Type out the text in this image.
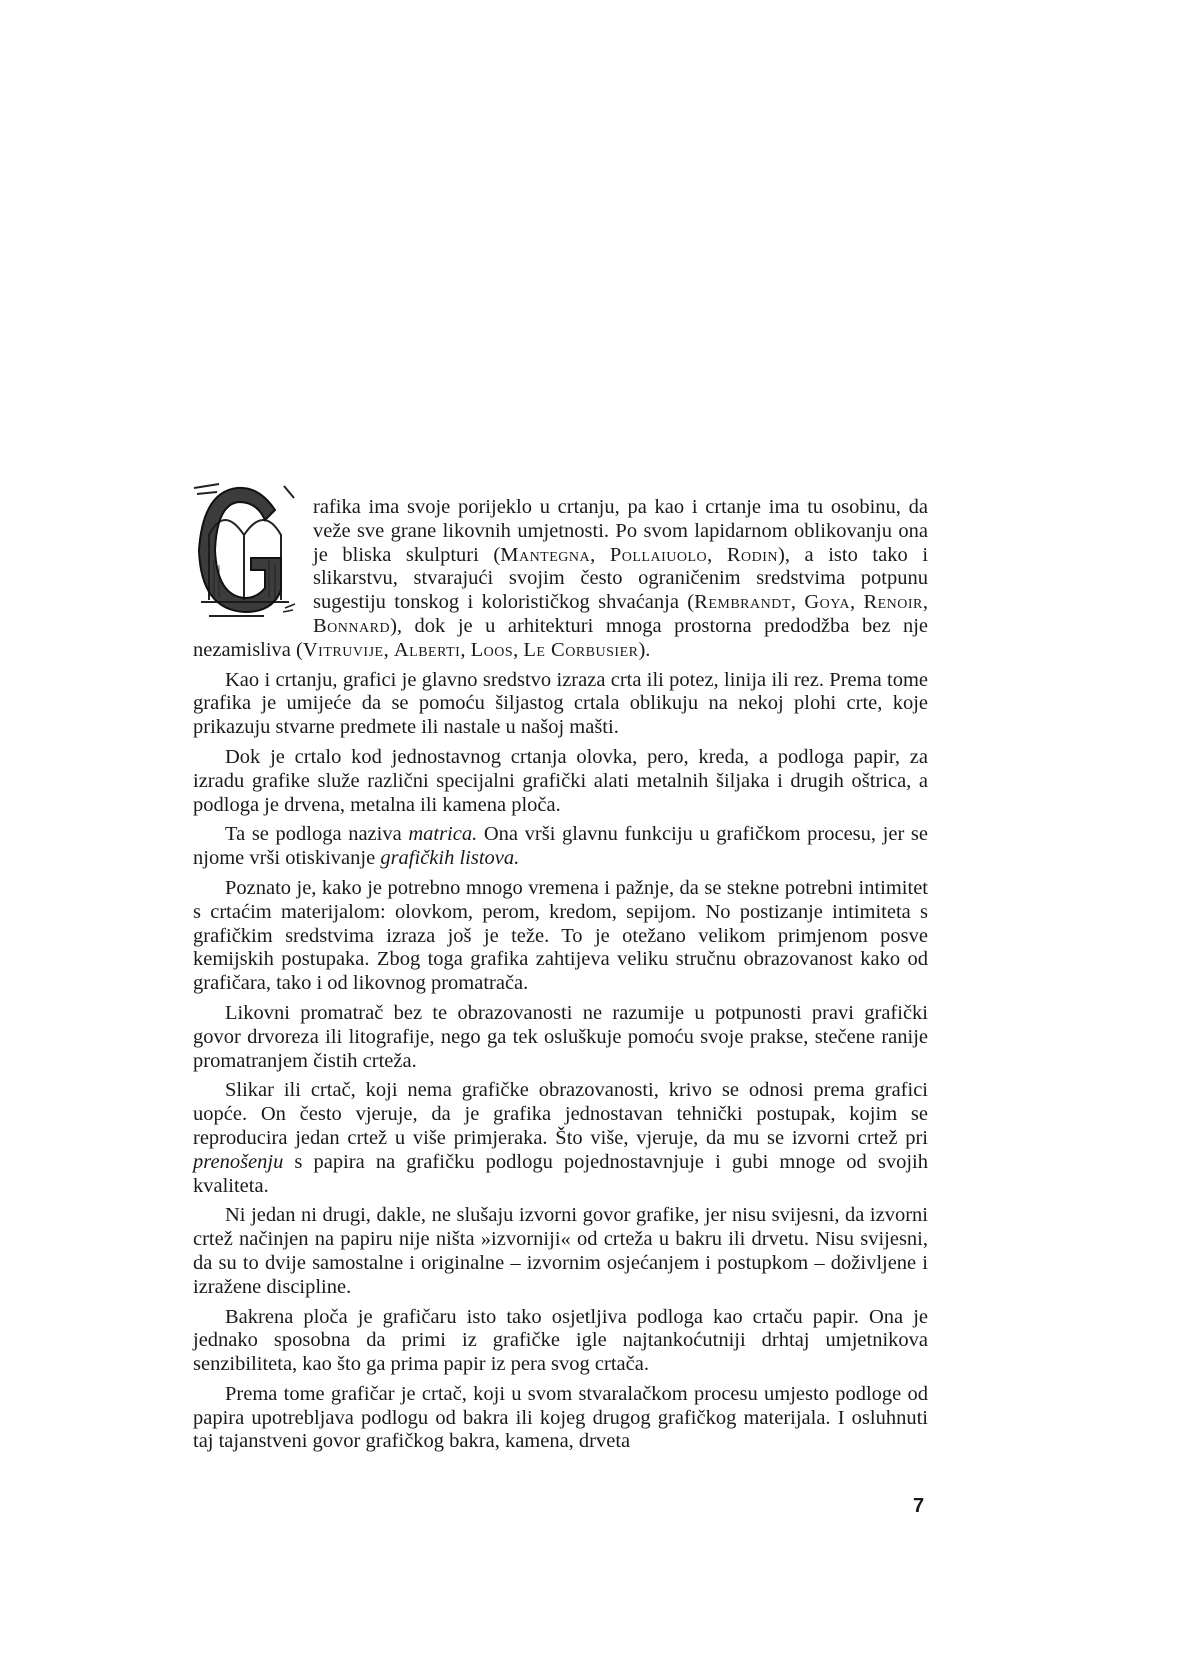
rafika ima svoje porijeklo u crtanju, pa kao i crtanje ima tu osobinu, da veže sve grane likovnih umjetnosti. Po svom lapidarnom oblikovanju ona je bliska skulpturi (Mantegna, Pollaiuolo, Rodin), a isto tako i slikarstvu, stvarajući svojim često ograničenim sredstvima potpunu sugestiju tonskog i kolorističkog shvaćanja (Rembrandt, Goya, Renoir, Bonnard), dok je u arhitekturi mnoga prostorna predodžba bez nje nezamisliva (Vitruvije, Alberti, Loos, Le Corbusier).

Kao i crtanju, grafici je glavno sredstvo izraza crta ili potez, linija ili rez. Prema tome grafika je umijeće da se pomoću šiljastog crtala oblikuju na nekoj plohi crte, koje prikazuju stvarne predmete ili nastale u našoj mašti.

Dok je crtalo kod jednostavnog crtanja olovka, pero, kreda, a podloga papir, za izradu grafike služe različni specijalni grafički alati metalnih šiljaka i drugih oštrica, a podloga je drvena, metalna ili kamena ploča.

Ta se podloga naziva matrica. Ona vrši glavnu funkciju u grafičkom procesu, jer se njome vrši otiskivanje grafičkih listova.

Poznato je, kako je potrebno mnogo vremena i pažnje, da se stekne potrebni intimitet s crtaćim materijalom: olovkom, perom, kredom, sepijom. No postizanje intimiteta s grafičkim sredstvima izraza još je teže. To je otežano velikom primjenom posve kemijskih postupaka. Zbog toga grafika zahtijeva veliku stručnu obrazovanost kako od grafičara, tako i od likovnog promatrača.

Likovni promatrač bez te obrazovanosti ne razumije u potpunosti pravi grafički govor drvoreza ili litografije, nego ga tek osluškuje pomoću svoje prakse, stečene ranije promatranjem čistih crteža.

Slikar ili crtač, koji nema grafičke obrazovanosti, krivo se odnosi prema grafici uopće. On često vjeruje, da je grafika jednostavan tehnički postupak, kojim se reproducira jedan crtež u više primjeraka. Što više, vjeruje, da mu se izvorni crtež pri prenošenju s papira na grafičku podlogu pojednostavnjuje i gubi mnoge od svojih kvaliteta.

Ni jedan ni drugi, dakle, ne slušaju izvorni govor grafike, jer nisu svijesni, da izvorni crtež načinjen na papiru nije ništa »izvorniji« od crteža u bakru ili drvetu. Nisu svijesni, da su to dvije samostalne i originalne – izvornim osjećanjem i postupkom – doživljene i izražene discipline.

Bakrena ploča je grafičaru isto tako osjetljiva podloga kao crtaču papir. Ona je jednako sposobna da primi iz grafičke igle najtankoćutniji drhtaj umjetnikova senzibiliteta, kao što ga prima papir iz pera svog crtača.

Prema tome grafičar je crtač, koji u svom stvaralačkom procesu umjesto podloge od papira upotrebljava podlogu od bakra ili kojeg drugog grafičkog materijala. I osluhnuti taj tajanstveni govor grafičkog bakra, kamena, drveta

7
